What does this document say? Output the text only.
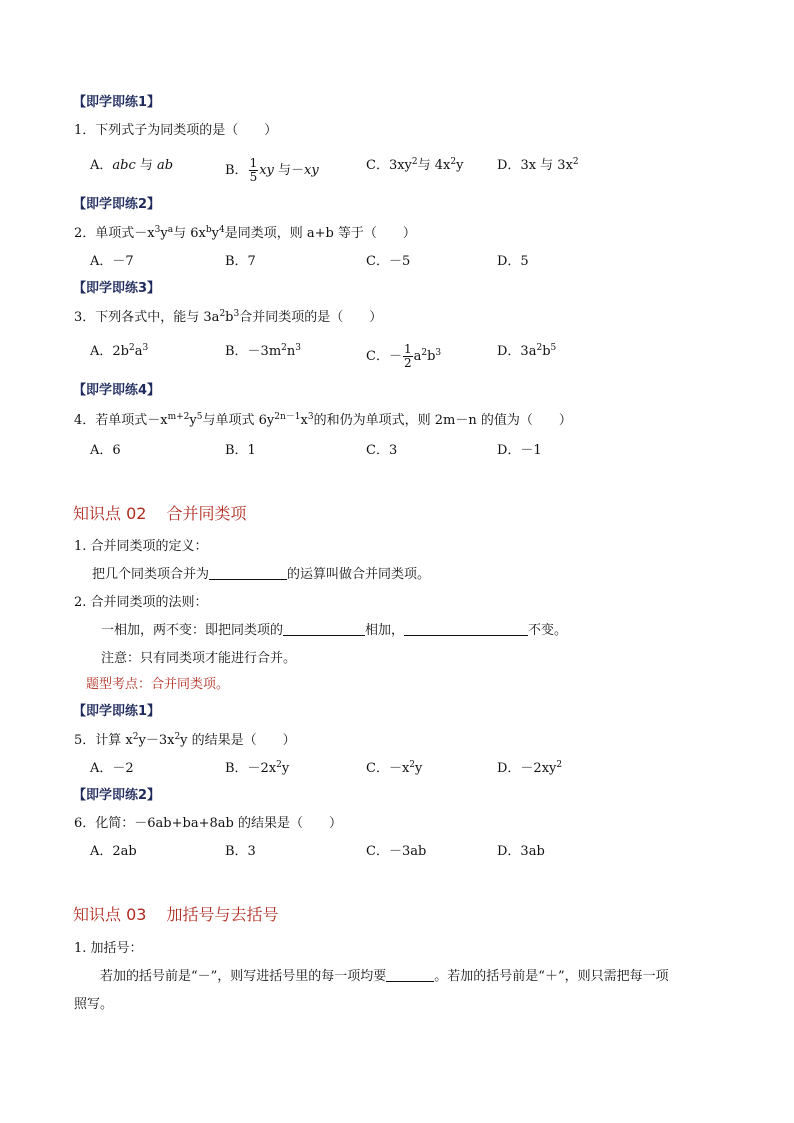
【即学即练1】
1．下列式子为同类项的是（　　）
A．abc 与 ab	B． $\frac{1}{5}$ xy 与－xy	C．$3xy^2$与 $4x^2y$	D．3x 与 $3x^2$
【即学即练2】
2．单项式$-x^3y^a$与 $6x^by^4$是同类项，则 a+b 等于（　　）
A．－7	B．7	C．－5	D．5
【即学即练3】
3．下列各式中，能与 $3a^2b^3$合并同类项的是（　　）
A．$2b^2a^3$	B．$-3m^2n^3$
C．－ $\frac{1}{2} a^2b^3$	D．$3a^2b^5$
【即学即练4】
4．若单项式$-x^{m+2}y^5$与单项式 $6y^{2n-1}x^3$的和仍为单项式，则 2m－n 的值为（　　）
A．6	B．1	C．3	D．－1
知识点 02 合并同类项
1. 合并同类项的定义：
把几个同类项合并为	的运算叫做合并同类项。
2. 合并同类项的法则：
一相加，两不变：即把同类项的	相加，	不变。
注意：只有同类项才能进行合并。
题型考点：合并同类项。
【即学即练1】
5．计算 $x^2y-3x^2y$ 的结果是（　　）
A．－2	B．$-2x^2y$	C．$-x^2y$	D．$-2xy^2$
【即学即练2】
6．化简：－6ab+ba+8ab 的结果是（　　）
A．2ab	B．3	C．－3ab	D．3ab
知识点 03 加括号与去括号
1. 加括号：
若加的括号前是“－”，则写进括号里的每一项均要	。若加的括号前是“＋”，则只需把每一项
照写。
